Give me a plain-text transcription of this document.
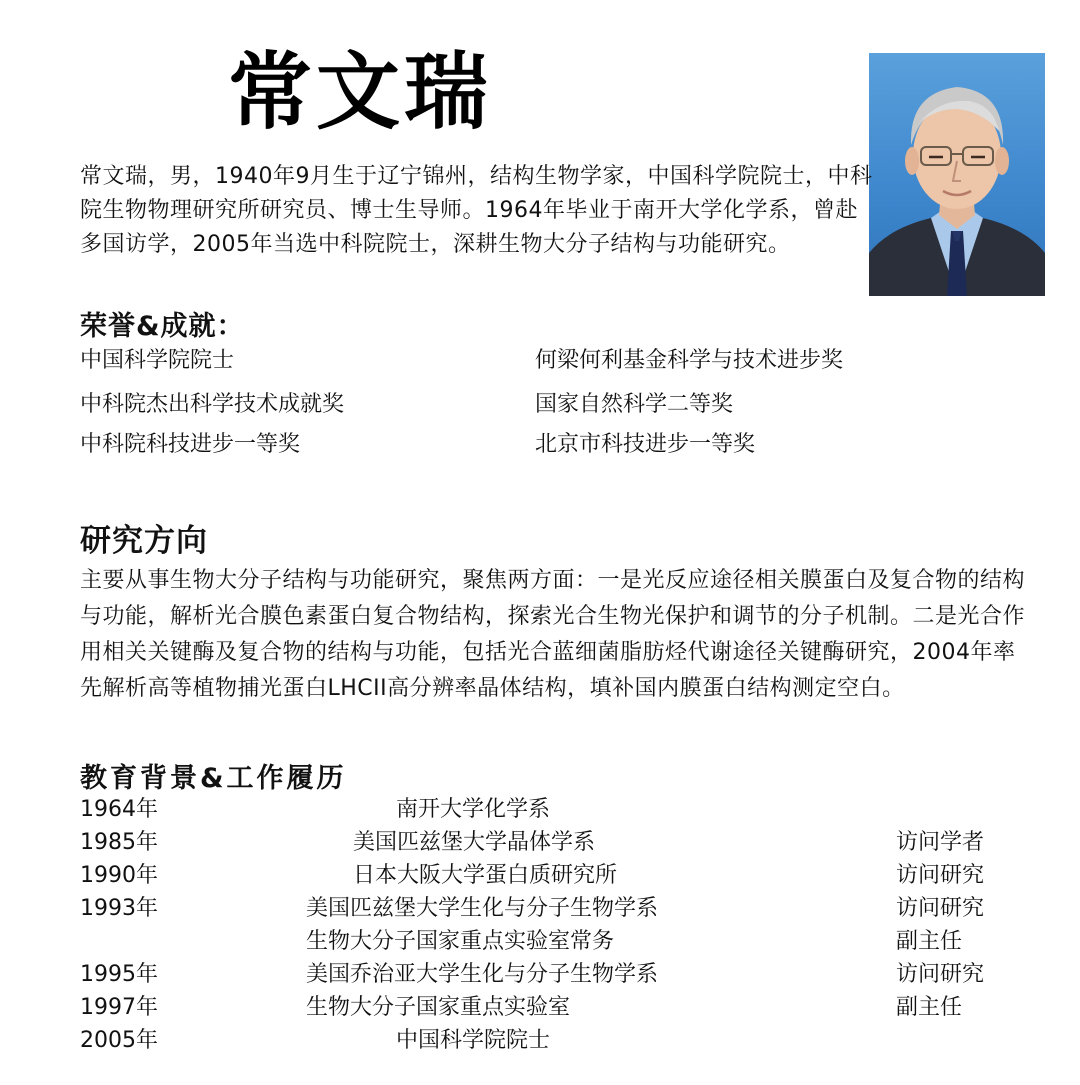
常文瑞
常文瑞，男，1940年9月生于辽宁锦州，结构生物学家，中国科学院院士，中科院生物物理研究所研究员、博士生导师。1964年毕业于南开大学化学系，曾赴多国访学，2005年当选中科院院士，深耕生物大分子结构与功能研究。
荣誉&成就：
中国科学院院士	何梁何利基金科学与技术进步奖
中科院杰出科学技术成就奖	国家自然科学二等奖
中科院科技进步一等奖	北京市科技进步一等奖
研究方向
主要从事生物大分子结构与功能研究，聚焦两方面：一是光反应途径相关膜蛋白及复合物的结构与功能，解析光合膜色素蛋白复合物结构，探索光合生物光保护和调节的分子机制。二是光合作用相关关键酶及复合物的结构与功能，包括光合蓝细菌脂肪烃代谢途径关键酶研究，2004年率先解析高等植物捕光蛋白LHCII高分辨率晶体结构，填补国内膜蛋白结构测定空白。
教育背景&工作履历
1964年	南开大学化学系
1985年	美国匹兹堡大学晶体学系	访问学者
1990年	日本大阪大学蛋白质研究所	访问研究
1993年	美国匹兹堡大学生化与分子生物学系	访问研究
生物大分子国家重点实验室常务	副主任
1995年	美国乔治亚大学生化与分子生物学系	访问研究
1997年	生物大分子国家重点实验室	副主任
2005年	中国科学院院士
